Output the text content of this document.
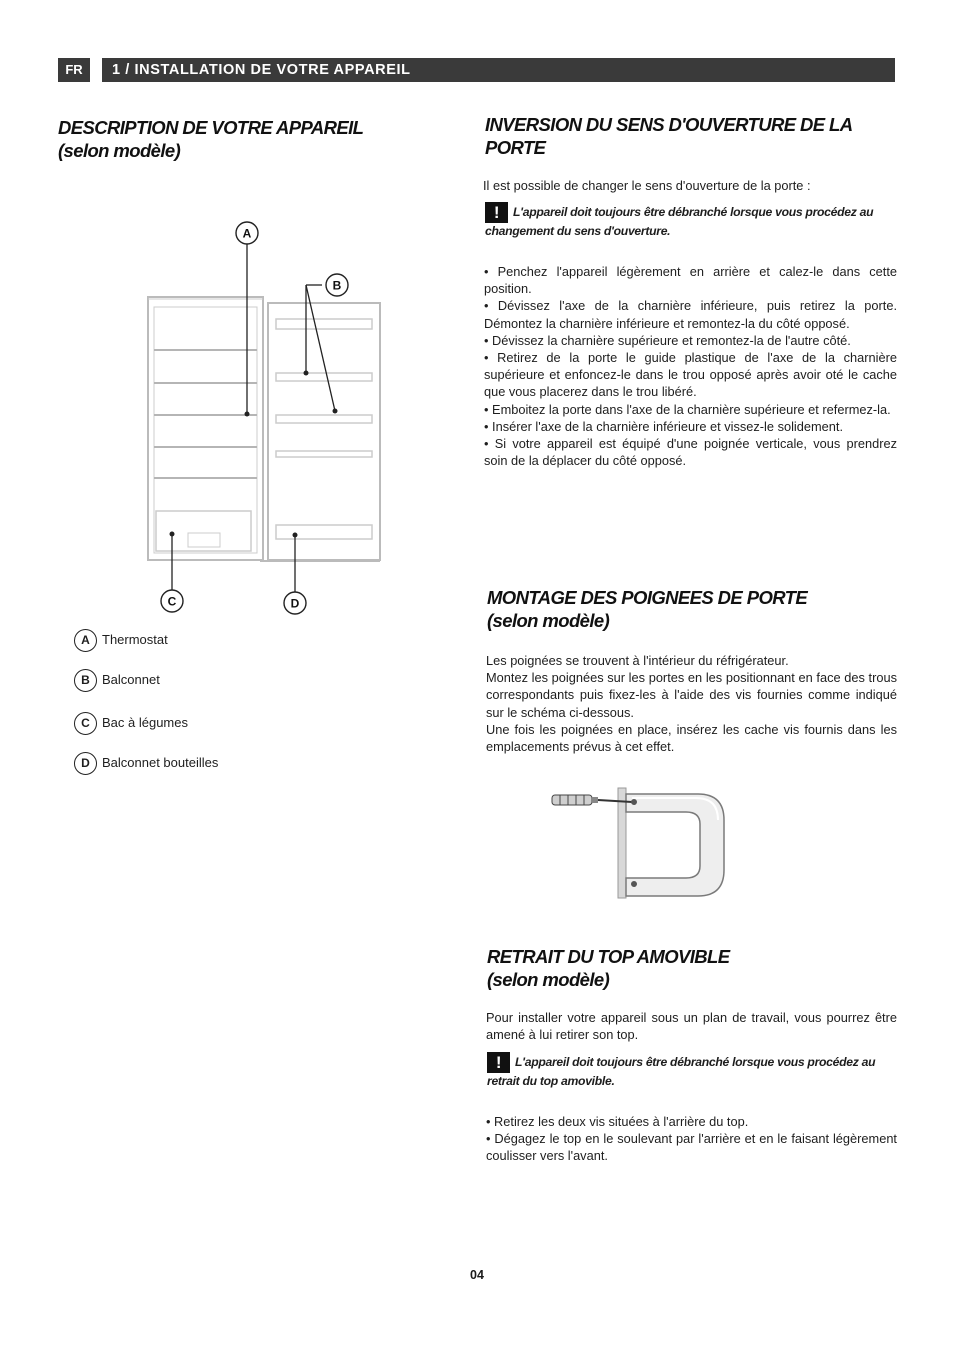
FR	1 / INSTALLATION DE VOTRE APPAREIL
DESCRIPTION DE VOTRE APPAREIL
(selon modèle)
A
B
C	D
A Thermostat
B Balconnet
C Bac à légumes
D Balconnet bouteilles
INVERSION DU SENS D'OUVERTURE DE LA
PORTE
Il est possible de changer le sens d'ouverture de la porte :
! L'appareil doit toujours être débranché lorsque vous procédez au changement du sens d'ouverture.
• Penchez l'appareil légèrement en arrière et calez-le dans cette position.
• Dévissez l'axe de la charnière inférieure, puis retirez la porte. Démontez la charnière inférieure et remontez-la du côté opposé.
• Dévissez la charnière supérieure et remontez-la de l'autre côté.
• Retirez de la porte le guide plastique de l'axe de la charnière supérieure et enfoncez-le dans le trou opposé après avoir oté le cache que vous placerez dans le trou libéré.
• Emboitez la porte dans l'axe de la charnière supérieure et refermez-la.
• Insérer l'axe de la charnière inférieure et vissez-le solidement.
• Si votre appareil est équipé d'une poignée verticale, vous prendrez soin de la déplacer du côté opposé.
MONTAGE DES POIGNEES DE PORTE
(selon modèle)
Les poignées se trouvent à l'intérieur du réfrigérateur.
Montez les poignées sur les portes en les positionnant en face des trous correspondants puis fixez-les à l'aide des vis fournies comme indiqué sur le schéma ci-dessous.
Une fois les poignées en place, insérez les cache vis fournis dans les emplacements prévus à cet effet.
RETRAIT DU TOP AMOVIBLE
(selon modèle)
Pour installer votre appareil sous un plan de travail, vous pourrez être amené à lui retirer son top.
! L'appareil doit toujours être débranché lorsque vous procédez au retrait du top amovible.
• Retirez les deux vis situées à l'arrière du top.
• Dégagez le top en le soulevant par l'arrière et en le faisant légèrement coulisser vers l'avant.
04
